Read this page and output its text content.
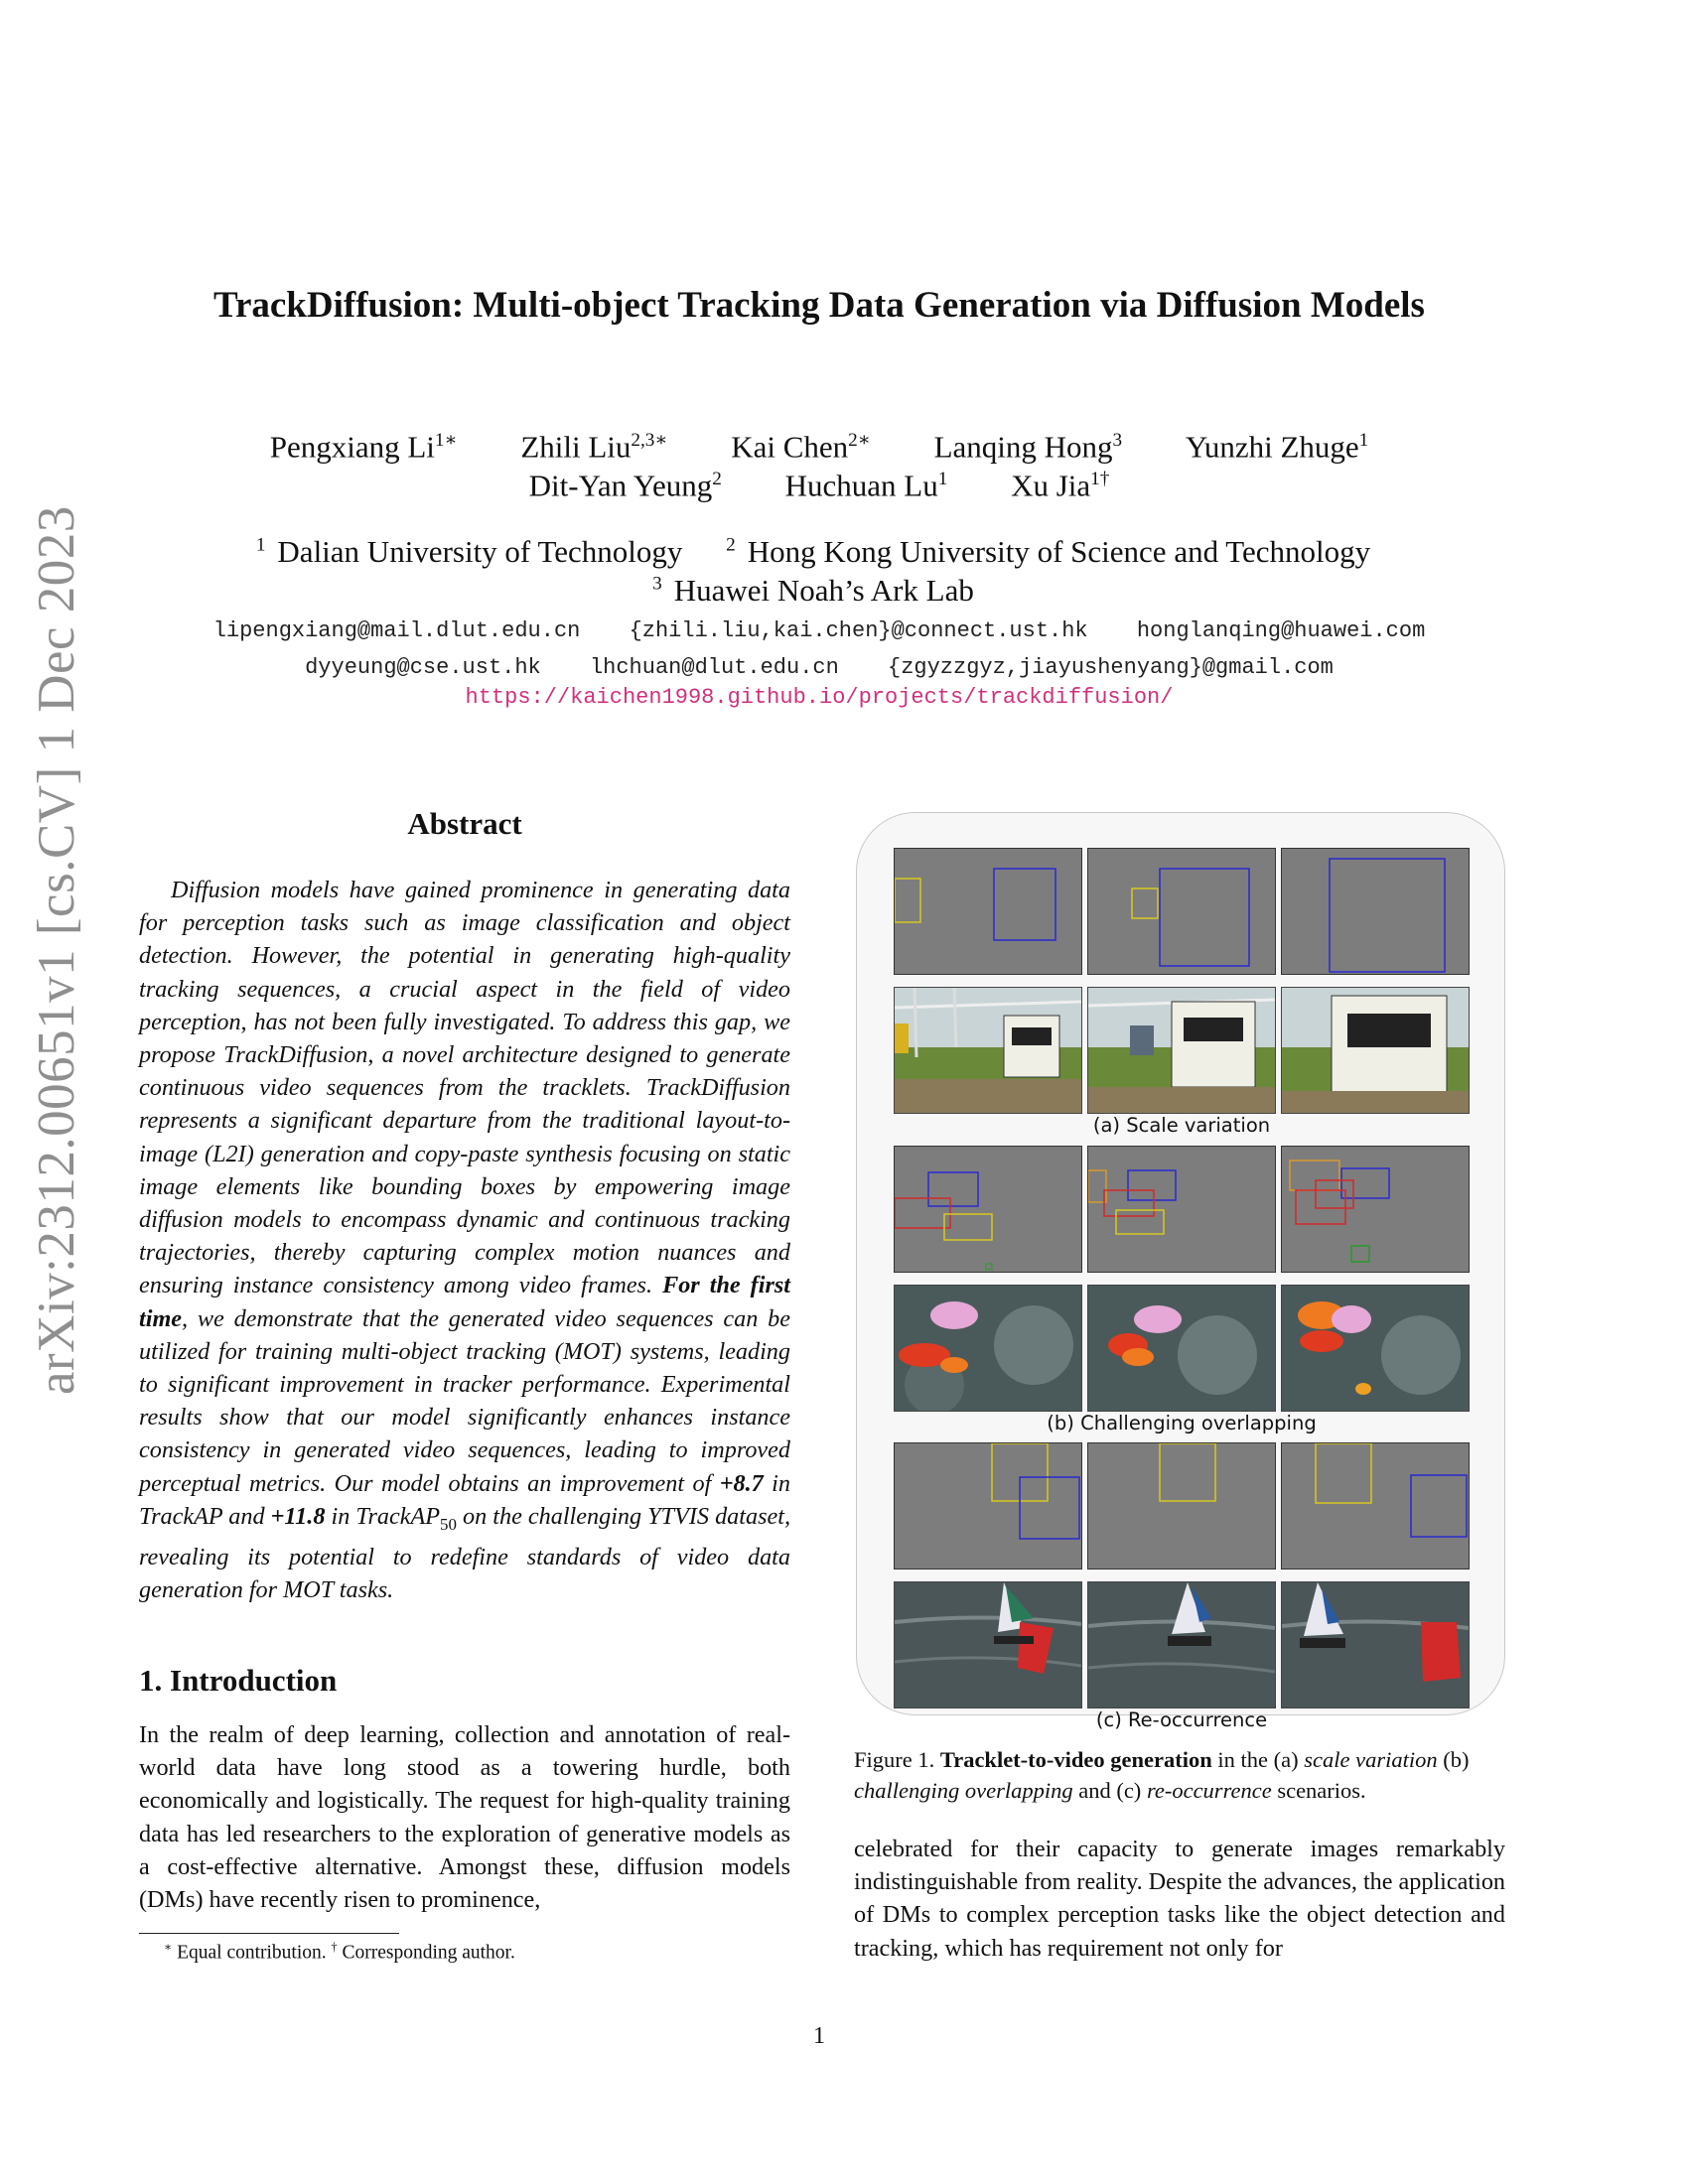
arXiv:2312.00651v1 [cs.CV] 1 Dec 2023
TrackDiffusion: Multi-object Tracking Data Generation via Diffusion Models
Pengxiang $Li^{1∗}$ Zhili Liu$^{2,3∗}$ Kai Chen$^{2∗}$ Lanqing Hong$^3$ Yunzhi Zhuge$^1$
Dit-Yan Yeung$^2$ Huchuan Lu$^1$ Xu Jia$^{1\dagger}$
$^1$ Dalian University of Technology $^2$ Hong Kong University of Science and Technology
$^3$ Huawei Noah’s Ark Lab
lipengxiang@mail.dlut.edu.cn {zhili.liu,kai.chen}@connect.ust.hk honglanqing@huawei.com
dyyeung@cse.ust.hk lhchuan@dlut.edu.cn {zgyzzgyz,jiayushenyang}@gmail.com
https://kaichen1998.github.io/projects/trackdiffusion/
Abstract
Diffusion models have gained prominence in generating data for perception tasks such as image classification and object detection. However, the potential in generating high-quality tracking sequences, a crucial aspect in the field of video perception, has not been fully investigated. To address this gap, we propose TrackDiffusion, a novel architecture designed to generate continuous video sequences from the tracklets. TrackDiffusion represents a significant departure from the traditional layout-to-image (L2I) generation and copy-paste synthesis focusing on static image elements like bounding boxes by empowering image diffusion models to encompass dynamic and continuous tracking trajectories, thereby capturing complex motion nuances and ensuring instance consistency among video frames. For the first time, we demonstrate that the generated video sequences can be utilized for training multi-object tracking (MOT) systems, leading to significant improvement in tracker performance. Experimental results show that our model significantly enhances instance consistency in generated video sequences, leading to improved perceptual metrics. Our model obtains an improvement of +8.7 in TrackAP and +11.8 in TrackAP$_{50}$ on the challenging YTVIS dataset, revealing its potential to redefine standards of video data generation for MOT tasks.
1. Introduction
In the realm of deep learning, collection and annotation of real-world data have long stood as a towering hurdle, both economically and logistically. The request for high-quality training data has led researchers to the exploration of generative models as a cost-effective alternative. Amongst these, diffusion models (DMs) have recently risen to prominence,
∗ Equal contribution. † Corresponding author.
(a) Scale variation
(b) Challenging overlapping
(c) Re-occurrence
Figure 1. Tracklet-to-video generation in the (a) scale variation (b) challenging overlapping and (c) re-occurrence scenarios.
celebrated for their capacity to generate images remarkably indistinguishable from reality. Despite the advances, the application of DMs to complex perception tasks like the object detection and tracking, which has requirement not only for
1
